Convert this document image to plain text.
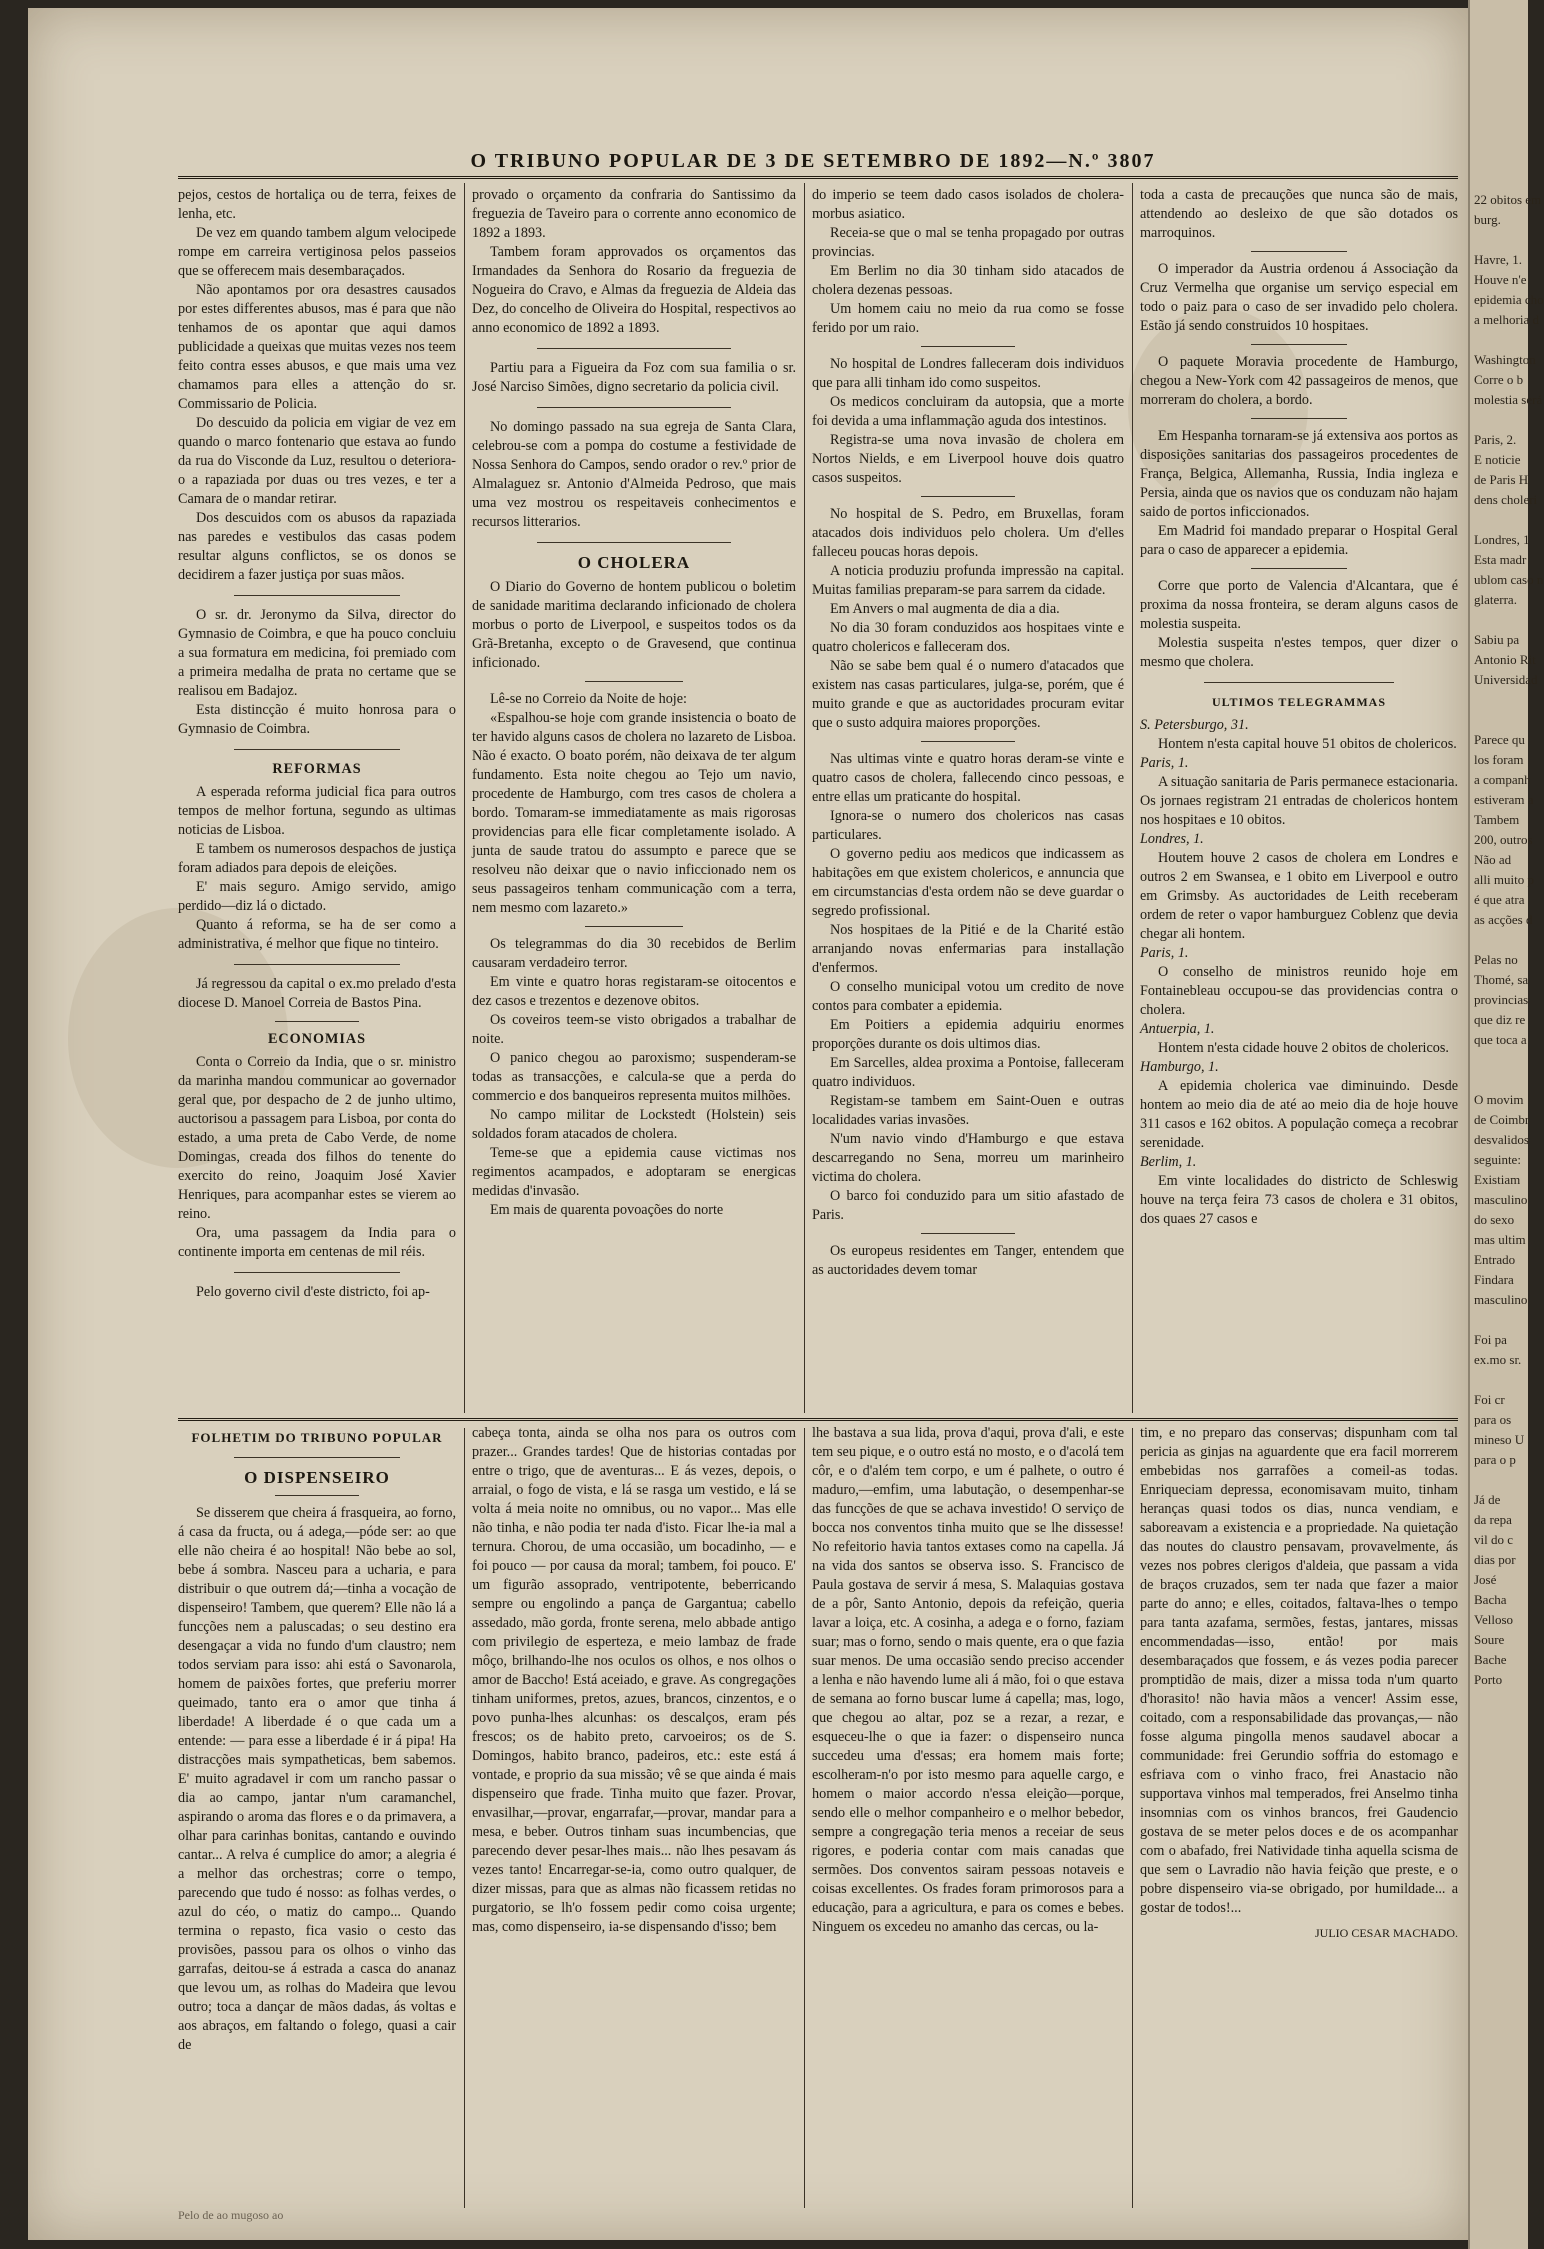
O TRIBUNO POPULAR DE 3 DE SETEMBRO DE 1892—N.º 3807

pejos, cestos de hortaliça ou de terra, feixes de lenha, etc.

De vez em quando tambem algum velocipede rompe em carreira vertiginosa pelos passeios que se offerecem mais desembaraçados.

Não apontamos por ora desastres causados por estes differentes abusos, mas é para que não tenhamos de os apontar que aqui damos publicidade a queixas que muitas vezes nos teem feito contra esses abusos, e que mais uma vez chamamos para elles a attenção do sr. Commissario de Policia.

Do descuido da policia em vigiar de vez em quando o marco fontenario que estava ao fundo da rua do Visconde da Luz, resultou o deteriora-o a rapaziada por duas ou tres vezes, e ter a Camara de o mandar retirar.

Dos descuidos com os abusos da rapaziada nas paredes e vestibulos das casas podem resultar alguns conflictos, se os donos se decidirem a fazer justiça por suas mãos.

O sr. dr. Jeronymo da Silva, director do Gymnasio de Coimbra, e que ha pouco concluiu a sua formatura em medicina, foi premiado com a primeira medalha de prata no certame que se realisou em Badajoz.

Esta distincção é muito honrosa para o Gymnasio de Coimbra.

REFORMAS

A esperada reforma judicial fica para outros tempos de melhor fortuna, segundo as ultimas noticias de Lisboa.

E tambem os numerosos despachos de justiça foram adiados para depois de eleições.

E' mais seguro. Amigo servido, amigo perdido—diz lá o dictado.

Quanto á reforma, se ha de ser como a administrativa, é melhor que fique no tinteiro.

Já regressou da capital o ex.mo prelado d'esta diocese D. Manoel Correia de Bastos Pina.

ECONOMIAS

Conta o Correio da India, que o sr. ministro da marinha mandou communicar ao governador geral que, por despacho de 2 de junho ultimo, auctorisou a passagem para Lisboa, por conta do estado, a uma preta de Cabo Verde, de nome Domingas, creada dos filhos do tenente do exercito do reino, Joaquim José Xavier Henriques, para acompanhar estes se vierem ao reino.

Ora, uma passagem da India para o continente importa em centenas de mil réis.

Pelo governo civil d'este districto, foi ap-

provado o orçamento da confraria do Santissimo da freguezia de Taveiro para o corrente anno economico de 1892 a 1893.

Tambem foram approvados os orçamentos das Irmandades da Senhora do Rosario da freguezia de Nogueira do Cravo, e Almas da freguezia de Aldeia das Dez, do concelho de Oliveira do Hospital, respectivos ao anno economico de 1892 a 1893.

Partiu para a Figueira da Foz com sua familia o sr. José Narciso Simões, digno secretario da policia civil.

No domingo passado na sua egreja de Santa Clara, celebrou-se com a pompa do costume a festividade de Nossa Senhora do Campos, sendo orador o rev.º prior de Almalaguez sr. Antonio d'Almeida Pedroso, que mais uma vez mostrou os respeitaveis conhecimentos e recursos litterarios.

O CHOLERA

O Diario do Governo de hontem publicou o boletim de sanidade maritima declarando inficionado de cholera morbus o porto de Liverpool, e suspeitos todos os da Grã-Bretanha, excepto o de Gravesend, que continua inficionado.

Lê-se no Correio da Noite de hoje:

«Espalhou-se hoje com grande insistencia o boato de ter havido alguns casos de cholera no lazareto de Lisboa. Não é exacto. O boato porém, não deixava de ter algum fundamento. Esta noite chegou ao Tejo um navio, procedente de Hamburgo, com tres casos de cholera a bordo. Tomaram-se immediatamente as mais rigorosas providencias para elle ficar completamente isolado. A junta de saude tratou do assumpto e parece que se resolveu não deixar que o navio inficcionado nem os seus passageiros tenham communicação com a terra, nem mesmo com lazareto.»

Os telegrammas do dia 30 recebidos de Berlim causaram verdadeiro terror.

Em vinte e quatro horas registaram-se oitocentos e dez casos e trezentos e dezenove obitos.

Os coveiros teem-se visto obrigados a trabalhar de noite.

O panico chegou ao paroxismo; suspenderam-se todas as transacções, e calcula-se que a perda do commercio e dos banqueiros representa muitos milhões.

No campo militar de Lockstedt (Holstein) seis soldados foram atacados de cholera.

Teme-se que a epidemia cause victimas nos regimentos acampados, e adoptaram se energicas medidas d'invasão.

Em mais de quarenta povoações do norte

do imperio se teem dado casos isolados de cholera-morbus asiatico.

Receia-se que o mal se tenha propagado por outras provincias.

Em Berlim no dia 30 tinham sido atacados de cholera dezenas pessoas.

Um homem caiu no meio da rua como se fosse ferido por um raio.

No hospital de Londres falleceram dois individuos que para alli tinham ido como suspeitos.

Os medicos concluiram da autopsia, que a morte foi devida a uma inflammação aguda dos intestinos.

Registra-se uma nova invasão de cholera em Nortos Nields, e em Liverpool houve dois quatro casos suspeitos.

No hospital de S. Pedro, em Bruxellas, foram atacados dois individuos pelo cholera. Um d'elles falleceu poucas horas depois.

A noticia produziu profunda impressão na capital. Muitas familias preparam-se para sarrem da cidade.

Em Anvers o mal augmenta de dia a dia.

No dia 30 foram conduzidos aos hospitaes vinte e quatro cholericos e falleceram dos.

Não se sabe bem qual é o numero d'atacados que existem nas casas particulares, julga-se, porém, que é muito grande e que as auctoridades procuram evitar que o susto adquira maiores proporções.

Nas ultimas vinte e quatro horas deram-se vinte e quatro casos de cholera, fallecendo cinco pessoas, e entre ellas um praticante do hospital.

Ignora-se o numero dos cholericos nas casas particulares.

O governo pediu aos medicos que indicassem as habitações em que existem cholericos, e annuncia que em circumstancias d'esta ordem não se deve guardar o segredo profissional.

Nos hospitaes de la Pitié e de la Charité estão arranjando novas enfermarias para installação d'enfermos.

O conselho municipal votou um credito de nove contos para combater a epidemia.

Em Poitiers a epidemia adquiriu enormes proporções durante os dois ultimos dias.

Em Sarcelles, aldea proxima a Pontoise, falleceram quatro individuos.

Registam-se tambem em Saint-Ouen e outras localidades varias invasões.

N'um navio vindo d'Hamburgo e que estava descarregando no Sena, morreu um marinheiro victima do cholera.

O barco foi conduzido para um sitio afastado de Paris.

Os europeus residentes em Tanger, entendem que as auctoridades devem tomar

toda a casta de precauções que nunca são de mais, attendendo ao desleixo de que são dotados os marroquinos.

O imperador da Austria ordenou á Associação da Cruz Vermelha que organise um serviço especial em todo o paiz para o caso de ser invadido pelo cholera. Estão já sendo construidos 10 hospitaes.

O paquete Moravia procedente de Hamburgo, chegou a New-York com 42 passageiros de menos, que morreram do cholera, a bordo.

Em Hespanha tornaram-se já extensiva aos portos as disposições sanitarias dos passageiros procedentes de França, Belgica, Allemanha, Russia, India ingleza e Persia, ainda que os navios que os conduzam não hajam saido de portos inficcionados.

Em Madrid foi mandado preparar o Hospital Geral para o caso de apparecer a epidemia.

Corre que porto de Valencia d'Alcantara, que é proxima da nossa fronteira, se deram alguns casos de molestia suspeita.

Molestia suspeita n'estes tempos, quer dizer o mesmo que cholera.

ULTIMOS TELEGRAMMAS

S. Petersburgo, 31.

Hontem n'esta capital houve 51 obitos de cholericos.

Paris, 1.

A situação sanitaria de Paris permanece estacionaria. Os jornaes registram 21 entradas de cholericos hontem nos hospitaes e 10 obitos.

Londres, 1.

Houtem houve 2 casos de cholera em Londres e outros 2 em Swansea, e 1 obito em Liverpool e outro em Grimsby. As auctoridades de Leith receberam ordem de reter o vapor hamburguez Coblenz que devia chegar ali hontem.

Paris, 1.

O conselho de ministros reunido hoje em Fontainebleau occupou-se das providencias contra o cholera.

Antuerpia, 1.

Hontem n'esta cidade houve 2 obitos de cholericos.

Hamburgo, 1.

A epidemia cholerica vae diminuindo. Desde hontem ao meio dia de até ao meio dia de hoje houve 311 casos e 162 obitos. A população começa a recobrar serenidade.

Berlim, 1.

Em vinte localidades do districto de Schleswig houve na terça feira 73 casos de cholera e 31 obitos, dos quaes 27 casos e

FOLHETIM DO TRIBUNO POPULAR

O DISPENSEIRO

Se disserem que cheira á frasqueira, ao forno, á casa da fructa, ou á adega,—póde ser: ao que elle não cheira é ao hospital! Não bebe ao sol, bebe á sombra. Nasceu para a ucharia, e para distribuir o que outrem dá;—tinha a vocação de dispenseiro! Tambem, que querem? Elle não lá a funcções nem a paluscadas; o seu destino era desengaçar a vida no fundo d'um claustro; nem todos serviam para isso: ahi está o Savonarola, homem de paixões fortes, que preferiu morrer queimado, tanto era o amor que tinha á liberdade! A liberdade é o que cada um a entende: — para esse a liberdade é ir á pipa! Ha distracções mais sympatheticas, bem sabemos. E' muito agradavel ir com um rancho passar o dia ao campo, jantar n'um caramanchel, aspirando o aroma das flores e o da primavera, a olhar para carinhas bonitas, cantando e ouvindo cantar... A relva é cumplice do amor; a alegria é a melhor das orchestras; corre o tempo, parecendo que tudo é nosso: as folhas verdes, o azul do céo, o matiz do campo... Quando termina o repasto, fica vasio o cesto das provisões, passou para os olhos o vinho das garrafas, deitou-se á estrada a casca do ananaz que levou um, as rolhas do Madeira que levou outro; toca a dançar de mãos dadas, ás voltas e aos abraços, em faltando o folego, quasi a cair de

cabeça tonta, ainda se olha nos para os outros com prazer... Grandes tardes! Que de historias contadas por entre o trigo, que de aventuras... E ás vezes, depois, o arraial, o fogo de vista, e lá se rasga um vestido, e lá se volta á meia noite no omnibus, ou no vapor... Mas elle não tinha, e não podia ter nada d'isto. Ficar lhe-ia mal a ternura. Chorou, de uma occasião, um bocadinho, — e foi pouco — por causa da moral; tambem, foi pouco. E' um figurão assoprado, ventripotente, beberricando sempre ou engolindo a pança de Gargantua; cabello assedado, mão gorda, fronte serena, melo abbade antigo com privilegio de esperteza, e meio lambaz de frade môço, brilhando-lhe nos oculos os olhos, e nos olhos o amor de Baccho! Está aceiado, e grave. As congregações tinham uniformes, pretos, azues, brancos, cinzentos, e o povo punha-lhes alcunhas: os descalços, eram pés frescos; os de habito preto, carvoeiros; os de S. Domingos, habito branco, padeiros, etc.: este está á vontade, e proprio da sua missão; vê se que ainda é mais dispenseiro que frade. Tinha muito que fazer. Provar, envasilhar,—provar, engarrafar,—provar, mandar para a mesa, e beber. Outros tinham suas incumbencias, que parecendo dever pesar-lhes mais... não lhes pesavam ás vezes tanto! Encarregar-se-ia, como outro qualquer, de dizer missas, para que as almas não ficassem retidas no purgatorio, se lh'o fossem pedir como coisa urgente; mas, como dispenseiro, ia-se dispensando d'isso; bem

lhe bastava a sua lida, prova d'aqui, prova d'ali, e este tem seu pique, e o outro está no mosto, e o d'acolá tem côr, e o d'além tem corpo, e um é palhete, o outro é maduro,—emfim, uma labutação, o desempenhar-se das funcções de que se achava investido! O serviço de bocca nos conventos tinha muito que se lhe dissesse! No refeitorio havia tantos extases como na capella. Já na vida dos santos se observa isso. S. Francisco de Paula gostava de servir á mesa, S. Malaquias gostava de a pôr, Santo Antonio, depois da refeição, queria lavar a loiça, etc. A cosinha, a adega e o forno, faziam suar; mas o forno, sendo o mais quente, era o que fazia suar menos. De uma occasião sendo preciso accender a lenha e não havendo lume ali á mão, foi o que estava de semana ao forno buscar lume á capella; mas, logo, que chegou ao altar, poz se a rezar, a rezar, e esqueceu-lhe o que ia fazer: o dispenseiro nunca succedeu uma d'essas; era homem mais forte; escolheram-n'o por isto mesmo para aquelle cargo, e homem o maior accordo n'essa eleição—porque, sendo elle o melhor companheiro e o melhor bebedor, sempre a congregação teria menos a receiar de seus rigores, e poderia contar com mais canadas que sermões. Dos conventos sairam pessoas notaveis e coisas excellentes. Os frades foram primorosos para a educação, para a agricultura, e para os comes e bebes. Ninguem os excedeu no amanho das cercas, ou la-

tim, e no preparo das conservas; dispunham com tal pericia as ginjas na aguardente que era facil morrerem embebidas nos garrafões a comeil-as todas. Enriqueciam depressa, economisavam muito, tinham heranças quasi todos os dias, nunca vendiam, e saboreavam a existencia e a propriedade. Na quietação das noutes do claustro pensavam, provavelmente, ás vezes nos pobres clerigos d'aldeia, que passam a vida de braços cruzados, sem ter nada que fazer a maior parte do anno; e elles, coitados, faltava-lhes o tempo para tanta azafama, sermões, festas, jantares, missas encommendadas—isso, então! por mais desembaraçados que fossem, e ás vezes podia parecer promptidão de mais, dizer a missa toda n'um quarto d'horasito! não havia mãos a vencer! Assim esse, coitado, com a responsabilidade das provanças,— não fosse alguma pingolla menos saudavel abocar a communidade: frei Gerundio soffria do estomago e esfriava com o vinho fraco, frei Anastacio não supportava vinhos mal temperados, frei Anselmo tinha insomnias com os vinhos brancos, frei Gaudencio gostava de se meter pelos doces e de os acompanhar com o abafado, frei Natividade tinha aquella scisma de que sem o Lavradio não havia feição que preste, e o pobre dispenseiro via-se obrigado, por humildade... a gostar de todos!...

JULIO CESAR MACHADO.

Pelo de ao mugoso ao
22 obitos em
burg.

Havre, 1.
Houve n'e
epidemia cho
a melhoria d

Washington
Corre o b
molestia será

Paris, 2.
E noticie
de Paris H
dens cholerі

Londres, 1
Esta madr
ublom caso n
glaterra.

Sabiu pa
Antonio Rit
Universidad

Parece qu
los foram
a companh
estiveram a
Tambem
200, outros
Não ad
alli muito p
é que atra
as acções d

Pelas no
Thomé, sa
provincias
que diz re
que toca a

O movim
de Coimbr
desvalidos
seguinte:
Existiam
masculino
do sexo
mas ultim
Entrado
Findara
masculino

Foi pa
ex.mo sr.

Foi cr
para os
mineso U
para o p

Já de
da repa
vil do c
dias por
José
Bacha
Velloso
Soure
Bache
Porto
